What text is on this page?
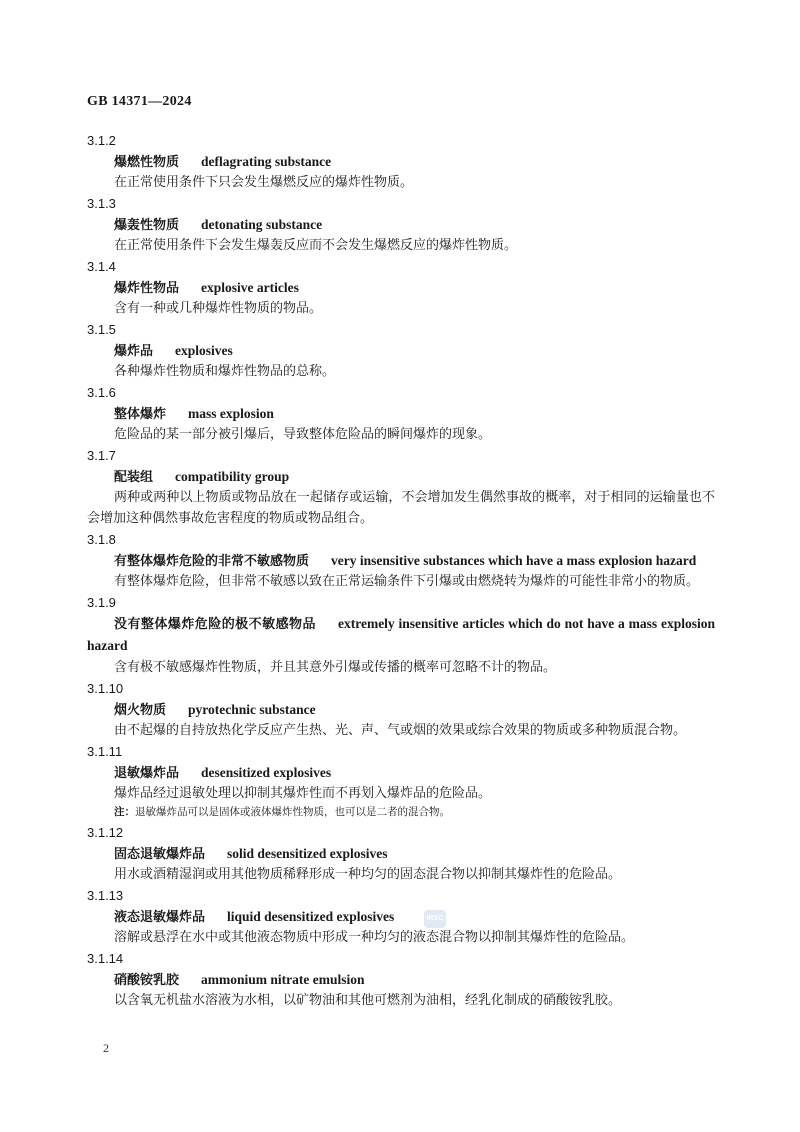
GB 14371—2024
3.1.2
爆燃性物质 deflagrating substance
在正常使用条件下只会发生爆燃反应的爆炸性物质。
3.1.3
爆轰性物质 detonating substance
在正常使用条件下会发生爆轰反应而不会发生爆燃反应的爆炸性物质。
3.1.4
爆炸性物品 explosive articles
含有一种或几种爆炸性物质的物品。
3.1.5
爆炸品 explosives
各种爆炸性物质和爆炸性物品的总称。
3.1.6
整体爆炸 mass explosion
危险品的某一部分被引爆后，导致整体危险品的瞬间爆炸的现象。
3.1.7
配装组 compatibility group
两种或两种以上物质或物品放在一起储存或运输，不会增加发生偶然事故的概率，对于相同的运输量也不会增加这种偶然事故危害程度的物质或物品组合。
3.1.8
有整体爆炸危险的非常不敏感物质 very insensitive substances which have a mass explosion hazard
有整体爆炸危险，但非常不敏感以致在正常运输条件下引爆或由燃烧转为爆炸的可能性非常小的物质。
3.1.9
没有整体爆炸危险的极不敏感物品 extremely insensitive articles which do not have a mass explosion hazard
含有极不敏感爆炸性物质，并且其意外引爆或传播的概率可忽略不计的物品。
3.1.10
烟火物质 pyrotechnic substance
由不起爆的自持放热化学反应产生热、光、声、气或烟的效果或综合效果的物质或多种物质混合物。
3.1.11
退敏爆炸品 desensitized explosives
爆炸品经过退敏处理以抑制其爆炸性而不再划入爆炸品的危险品。
注：退敏爆炸品可以是固体或液体爆炸性物质，也可以是二者的混合物。
3.1.12
固态退敏爆炸品 solid desensitized explosives
用水或酒精湿润或用其他物质稀释形成一种均匀的固态混合物以抑制其爆炸性的危险品。
3.1.13
液态退敏爆炸品 liquid desensitized explosives
溶解或悬浮在水中或其他液态物质中形成一种均匀的液态混合物以抑制其爆炸性的危险品。
3.1.14
硝酸铵乳胶 ammonium nitrate emulsion
以含氧无机盐水溶液为水相，以矿物油和其他可燃剂为油相，经乳化制成的硝酸铵乳胶。
IRSC
2
